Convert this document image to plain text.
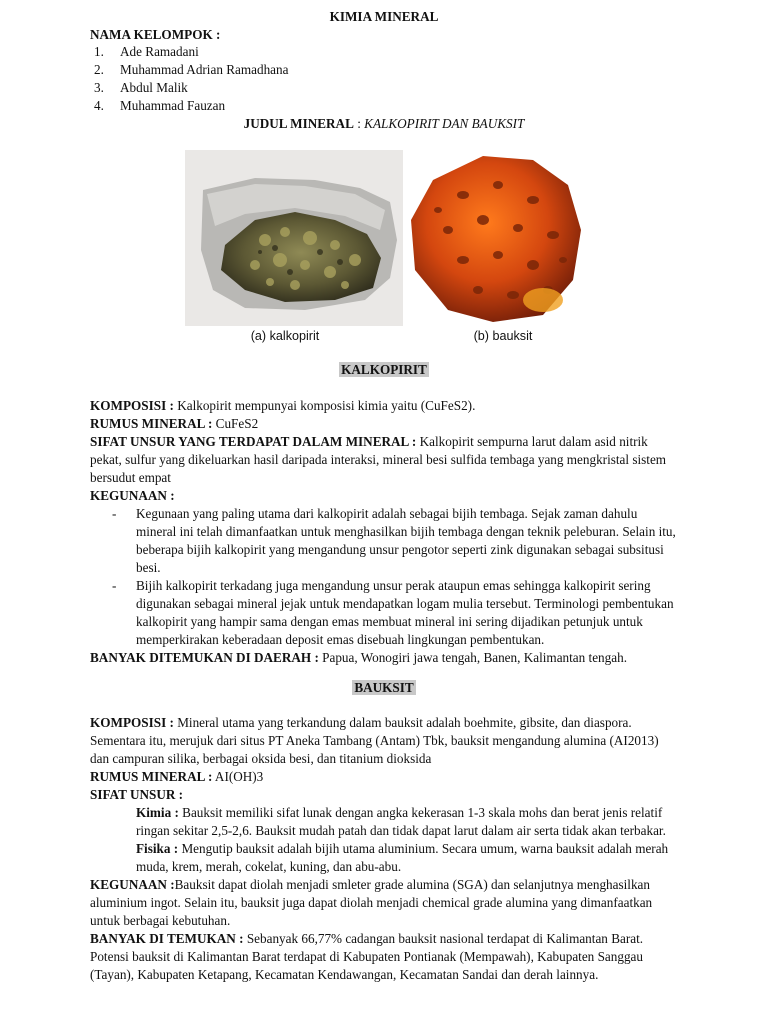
KIMIA MINERAL
NAMA KELOMPOK :
1. Ade Ramadani
2. Muhammad Adrian Ramadhana
3. Abdul Malik
4. Muhammad Fauzan
JUDUL MINERAL : KALKOPIRIT DAN BAUKSIT
(a) kalkopirit	(b) bauksit
KALKOPIRIT
KOMPOSISI : Kalkopirit mempunyai komposisi kimia yaitu (CuFeS2).
RUMUS MINERAL : CuFeS2
SIFAT UNSUR YANG TERDAPAT DALAM MINERAL : Kalkopirit sempurna larut dalam asid nitrik pekat, sulfur yang dikeluarkan hasil daripada interaksi, mineral besi sulfida tembaga yang mengkristal sistem bersudut empat
KEGUNAAN :
- Kegunaan yang paling utama dari kalkopirit adalah sebagai bijih tembaga. Sejak zaman dahulu mineral ini telah dimanfaatkan untuk menghasilkan bijih tembaga dengan teknik peleburan. Selain itu, beberapa bijih kalkopirit yang mengandung unsur pengotor seperti zink digunakan sebagai subsitusi besi.
- Bijih kalkopirit terkadang juga mengandung unsur perak ataupun emas sehingga kalkopirit sering digunakan sebagai mineral jejak untuk mendapatkan logam mulia tersebut. Terminologi pembentukan kalkopirit yang hampir sama dengan emas membuat mineral ini sering dijadikan petunjuk untuk memperkirakan keberadaan deposit emas disebuah lingkungan pembentukan.
BANYAK DITEMUKAN DI DAERAH : Papua, Wonogiri jawa tengah, Banen, Kalimantan tengah.
BAUKSIT
KOMPOSISI : Mineral utama yang terkandung dalam bauksit adalah boehmite, gibsite, dan diaspora. Sementara itu, merujuk dari situs PT Aneka Tambang (Antam) Tbk, bauksit mengandung alumina (AI2013) dan campuran silika, berbagai oksida besi, dan titanium dioksida
RUMUS MINERAL : AI(OH)3
SIFAT UNSUR :
Kimia : Bauksit memiliki sifat lunak dengan angka kekerasan 1-3 skala mohs dan berat jenis relatif ringan sekitar 2,5-2,6. Bauksit mudah patah dan tidak dapat larut dalam air serta tidak akan terbakar.
Fisika : Mengutip bauksit adalah bijih utama aluminium. Secara umum, warna bauksit adalah merah muda, krem, merah, cokelat, kuning, dan abu-abu.
KEGUNAAN :Bauksit dapat diolah menjadi smleter grade alumina (SGA) dan selanjutnya menghasilkan aluminium ingot. Selain itu, bauksit juga dapat diolah menjadi chemical grade alumina yang dimanfaatkan untuk berbagai kebutuhan.
BANYAK DI TEMUKAN : Sebanyak 66,77% cadangan bauksit nasional terdapat di Kalimantan Barat. Potensi bauksit di Kalimantan Barat terdapat di Kabupaten Pontianak (Mempawah), Kabupaten Sanggau (Tayan), Kabupaten Ketapang, Kecamatan Kendawangan, Kecamatan Sandai dan derah lainnya.
